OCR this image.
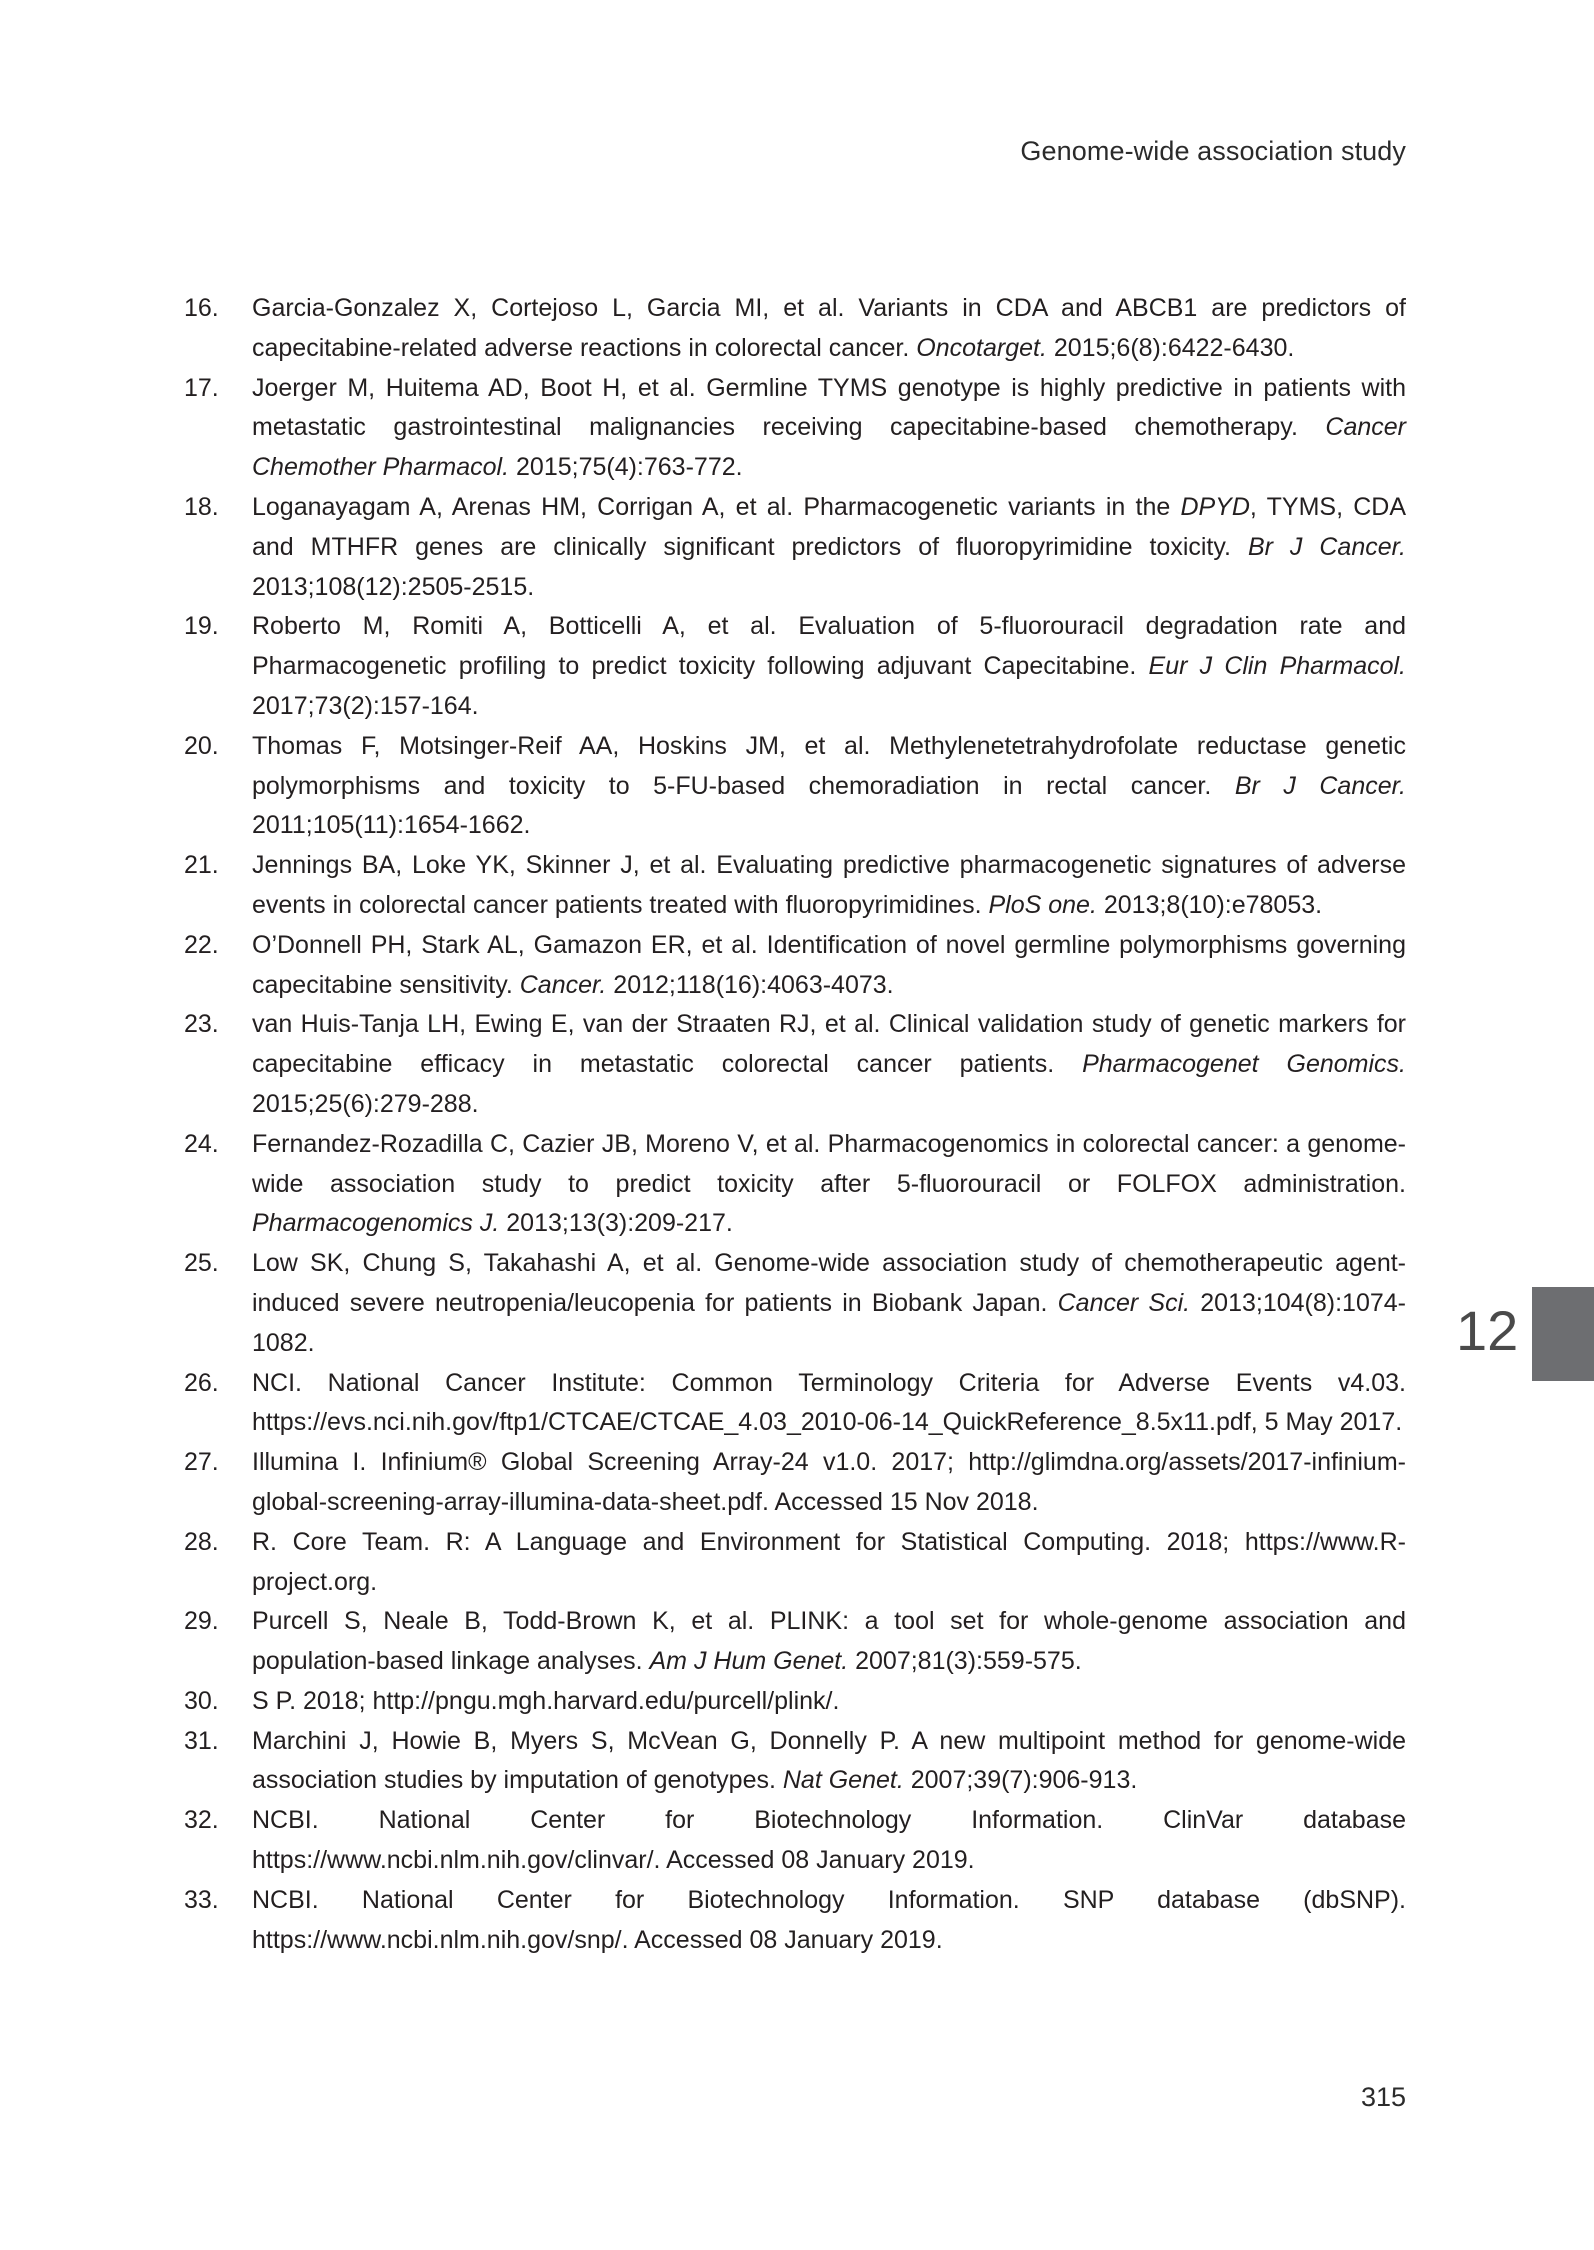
Genome-wide association study
16.	Garcia-Gonzalez X, Cortejoso L, Garcia MI, et al. Variants in CDA and ABCB1 are predictors of capecitabine-related adverse reactions in colorectal cancer. Oncotarget. 2015;6(8):6422-6430.
17.	Joerger M, Huitema AD, Boot H, et al. Germline TYMS genotype is highly predictive in patients with metastatic gastrointestinal malignancies receiving capecitabine-based chemotherapy. Cancer Chemother Pharmacol. 2015;75(4):763-772.
18.	Loganayagam A, Arenas HM, Corrigan A, et al. Pharmacogenetic variants in the DPYD, TYMS, CDA and MTHFR genes are clinically significant predictors of fluoropyrimidine toxicity. Br J Cancer. 2013;108(12):2505-2515.
19.	Roberto M, Romiti A, Botticelli A, et al. Evaluation of 5-fluorouracil degradation rate and Pharmacogenetic profiling to predict toxicity following adjuvant Capecitabine. Eur J Clin Pharmacol. 2017;73(2):157-164.
20.	Thomas F, Motsinger-Reif AA, Hoskins JM, et al. Methylenetetrahydrofolate reductase genetic polymorphisms and toxicity to 5-FU-based chemoradiation in rectal cancer. Br J Cancer. 2011;105(11):1654-1662.
21.	Jennings BA, Loke YK, Skinner J, et al. Evaluating predictive pharmacogenetic signatures of adverse events in colorectal cancer patients treated with fluoropyrimidines. PloS one. 2013;8(10):e78053.
22.	O’Donnell PH, Stark AL, Gamazon ER, et al. Identification of novel germline polymorphisms governing capecitabine sensitivity. Cancer. 2012;118(16):4063-4073.
23.	van Huis-Tanja LH, Ewing E, van der Straaten RJ, et al. Clinical validation study of genetic markers for capecitabine efficacy in metastatic colorectal cancer patients. Pharmacogenet Genomics. 2015;25(6):279-288.
24.	Fernandez-Rozadilla C, Cazier JB, Moreno V, et al. Pharmacogenomics in colorectal cancer: a genome-wide association study to predict toxicity after 5-fluorouracil or FOLFOX administration. Pharmacogenomics J. 2013;13(3):209-217.
25.	Low SK, Chung S, Takahashi A, et al. Genome-wide association study of chemotherapeutic agent-induced severe neutropenia/leucopenia for patients in Biobank Japan. Cancer Sci. 2013;104(8):1074-1082.
26.	NCI. National Cancer Institute: Common Terminology Criteria for Adverse Events v4.03. https://evs.nci.nih.gov/ftp1/CTCAE/CTCAE_4.03_2010-06-14_QuickReference_8.5x11.pdf, 5 May 2017.
27.	Illumina I. Infinium® Global Screening Array-24 v1.0. 2017; http://glimdna.org/assets/2017-infinium-global-screening-array-illumina-data-sheet.pdf. Accessed 15 Nov 2018.
28.	R. Core Team. R: A Language and Environment for Statistical Computing. 2018; https://www.R-project.org.
29.	Purcell S, Neale B, Todd-Brown K, et al. PLINK: a tool set for whole-genome association and population-based linkage analyses. Am J Hum Genet. 2007;81(3):559-575.
30.	S P. 2018; http://pngu.mgh.harvard.edu/purcell/plink/.
31.	Marchini J, Howie B, Myers S, McVean G, Donnelly P. A new multipoint method for genome-wide association studies by imputation of genotypes. Nat Genet. 2007;39(7):906-913.
32.	NCBI. National Center for Biotechnology Information. ClinVar database https://www.ncbi.nlm.nih.gov/clinvar/. Accessed 08 January 2019.
33.	NCBI. National Center for Biotechnology Information. SNP database (dbSNP). https://www.ncbi.nlm.nih.gov/snp/. Accessed 08 January 2019.
12
315
